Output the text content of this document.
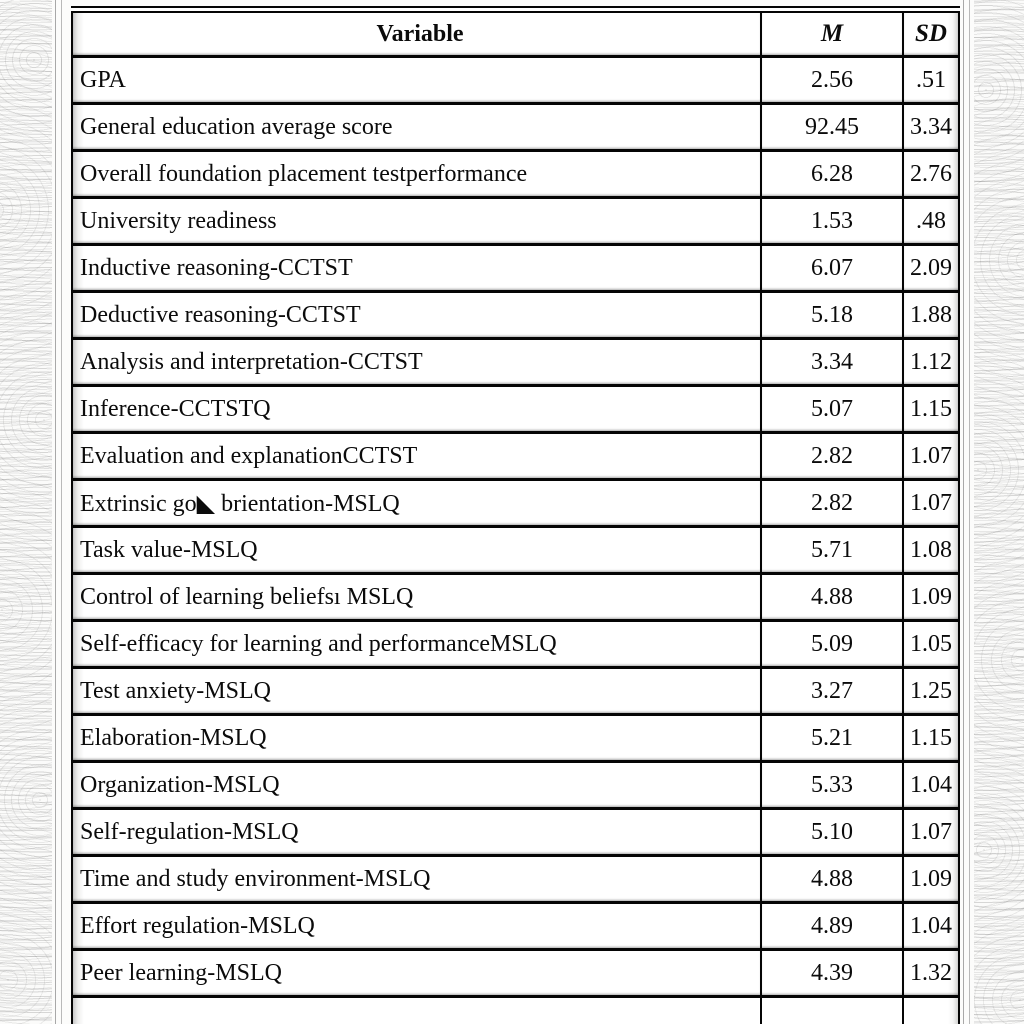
Variable	M	SD
GPA	2.56	.51
General education average score	92.45	3.34
Overall foundation placement testperformance	6.28	2.76
University readiness	1.53	.48
Inductive reasoning-CCTST	6.07	2.09
Deductive reasoning-CCTST	5.18	1.88
Analysis and interpretation-CCTST	3.34	1.12
Inference-CCTSTQ	5.07	1.15
Evaluation and explanationCCTST	2.82	1.07
Extrinsic go◣ brientation-MSLQ	2.82	1.07
Task value-MSLQ	5.71	1.08
Control of learning beliefsı MSLQ	4.88	1.09
Self-efficacy for learning and performanceMSLQ	5.09	1.05
Test anxiety-MSLQ	3.27	1.25
Elaboration-MSLQ	5.21	1.15
Organization-MSLQ	5.33	1.04
Self-regulation-MSLQ	5.10	1.07
Time and study environment-MSLQ	4.88	1.09
Effort regulation-MSLQ	4.89	1.04
Peer learning-MSLQ	4.39	1.32
